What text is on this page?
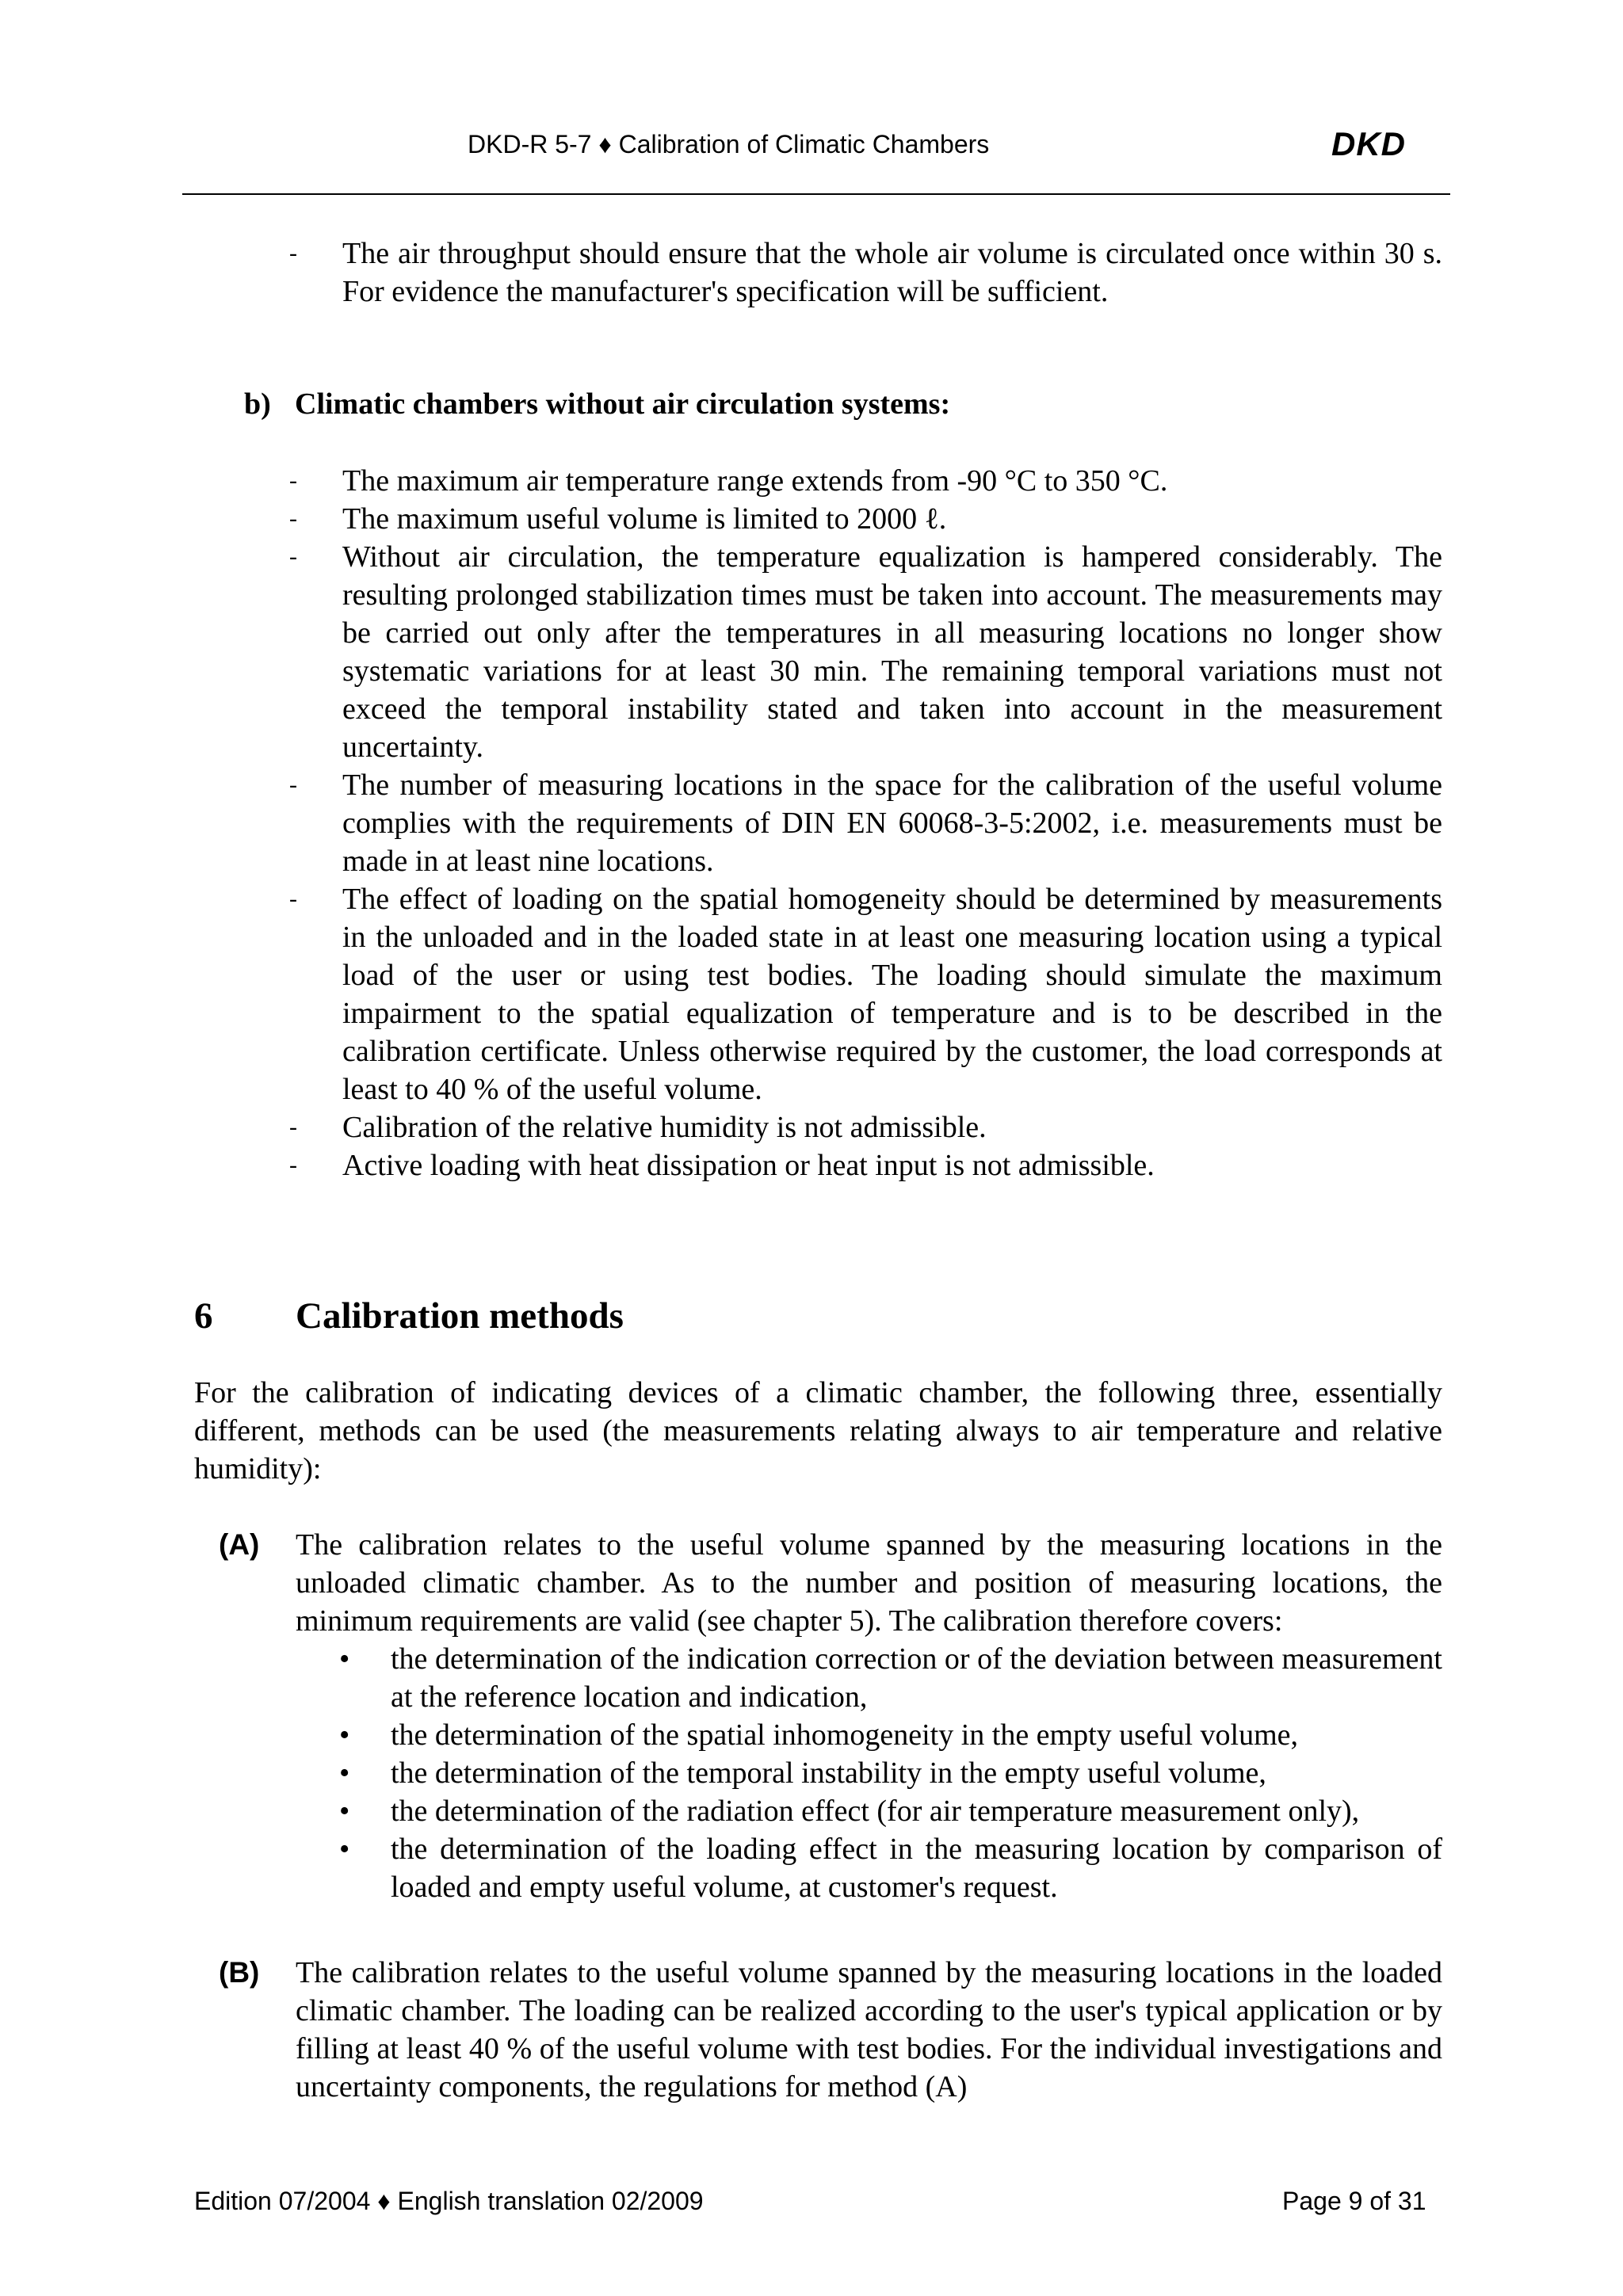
DKD-R 5-7 ♦ Calibration of Climatic Chambers	DKD
- The air throughput should ensure that the whole air volume is circulated once within 30 s. For evidence the manufacturer's specification will be sufficient.
b) Climatic chambers without air circulation systems:
- The maximum air temperature range extends from -90 °C to 350 °C.
- The maximum useful volume is limited to 2000 ℓ.
- Without air circulation, the temperature equalization is hampered considerably. The resulting prolonged stabilization times must be taken into account. The measurements may be carried out only after the temperatures in all measuring locations no longer show systematic variations for at least 30 min. The remaining temporal variations must not exceed the temporal instability stated and taken into account in the measurement uncertainty.
- The number of measuring locations in the space for the calibration of the useful volume complies with the requirements of DIN EN 60068-3-5:2002, i.e. measurements must be made in at least nine locations.
- The effect of loading on the spatial homogeneity should be determined by measurements in the unloaded and in the loaded state in at least one measuring location using a typical load of the user or using test bodies. The loading should simulate the maximum impairment to the spatial equalization of temperature and is to be described in the calibration certificate. Unless otherwise required by the customer, the load corresponds at least to 40 % of the useful volume.
- Calibration of the relative humidity is not admissible.
- Active loading with heat dissipation or heat input is not admissible.
6 Calibration methods
For the calibration of indicating devices of a climatic chamber, the following three, essentially different, methods can be used (the measurements relating always to air temperature and relative humidity):
(A) The calibration relates to the useful volume spanned by the measuring locations in the unloaded climatic chamber. As to the number and position of measuring locations, the minimum requirements are valid (see chapter 5). The calibration therefore covers:
• the determination of the indication correction or of the deviation between measurement at the reference location and indication,
• the determination of the spatial inhomogeneity in the empty useful volume,
• the determination of the temporal instability in the empty useful volume,
• the determination of the radiation effect (for air temperature measurement only),
• the determination of the loading effect in the measuring location by comparison of loaded and empty useful volume, at customer's request.
(B) The calibration relates to the useful volume spanned by the measuring locations in the loaded climatic chamber. The loading can be realized according to the user's typical application or by filling at least 40 % of the useful volume with test bodies. For the individual investigations and uncertainty components, the regulations for method (A)
Edition 07/2004 ♦ English translation 02/2009	Page 9 of 31
